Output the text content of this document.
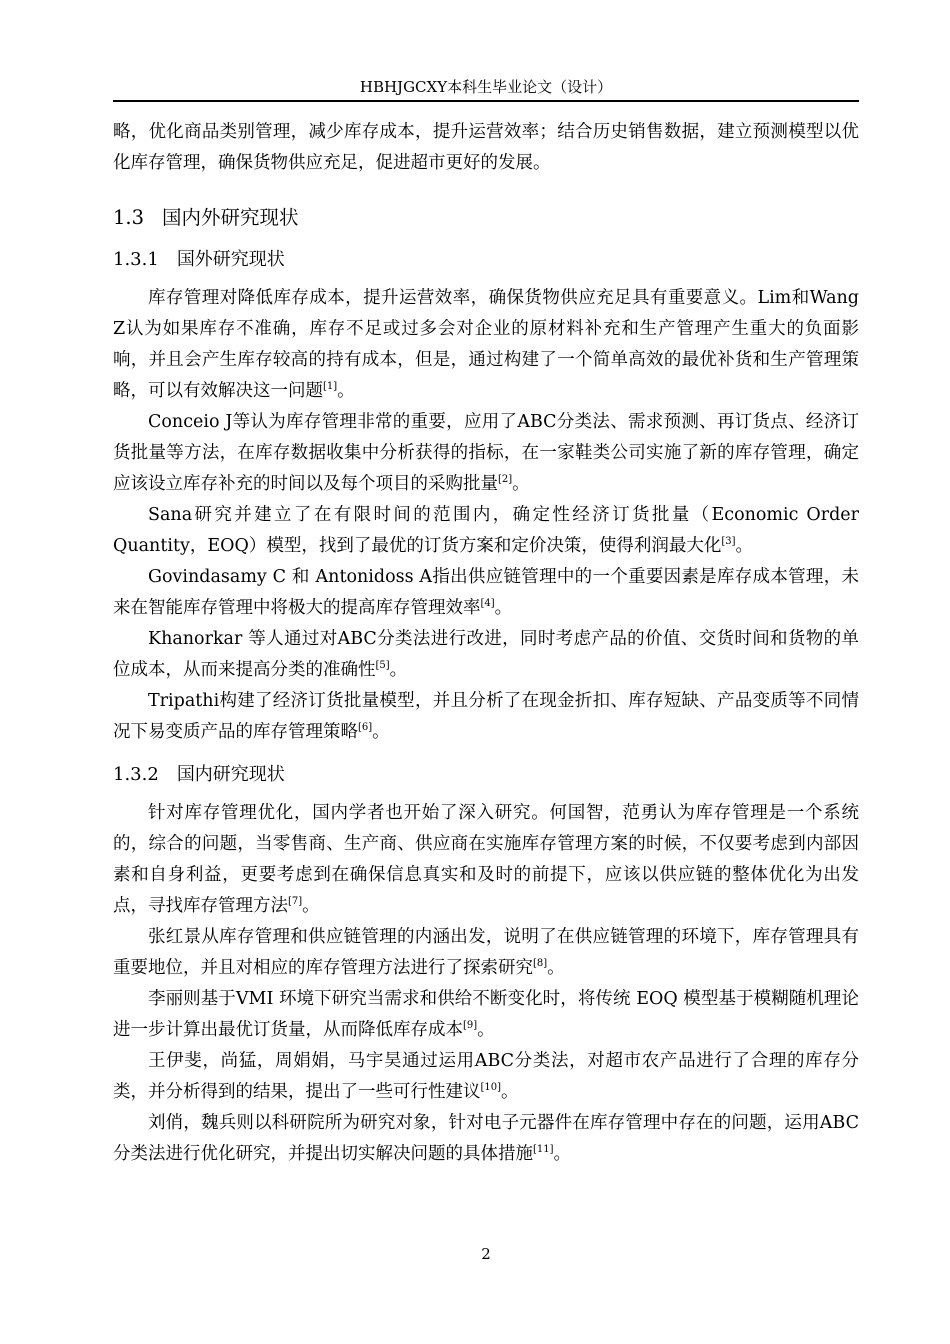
HBHJGCXY本科生毕业论文（设计）

略，优化商品类别管理，减少库存成本，提升运营效率；结合历史销售数据，建立预测模型以优化库存管理，确保货物供应充足，促进超市更好的发展。

1.3 国内外研究现状
1.3.1 国外研究现状

库存管理对降低库存成本，提升运营效率，确保货物供应充足具有重要意义。Lim和Wang Z认为如果库存不准确，库存不足或过多会对企业的原材料补充和生产管理产生重大的负面影响，并且会产生库存较高的持有成本，但是，通过构建了一个简单高效的最优补货和生产管理策略，可以有效解决这一问题[1]。

Conceio J等认为库存管理非常的重要，应用了ABC分类法、需求预测、再订货点、经济订货批量等方法，在库存数据收集中分析获得的指标，在一家鞋类公司实施了新的库存管理，确定应该设立库存补充的时间以及每个项目的采购批量[2]。

Sana研究并建立了在有限时间的范围内，确定性经济订货批量（Economic Order Quantity，EOQ）模型，找到了最优的订货方案和定价决策，使得利润最大化[3]。

Govindasamy C 和 Antonidoss A指出供应链管理中的一个重要因素是库存成本管理，未来在智能库存管理中将极大的提高库存管理效率[4]。

Khanorkar 等人通过对ABC分类法进行改进，同时考虑产品的价值、交货时间和货物的单位成本，从而来提高分类的准确性[5]。

Tripathi构建了经济订货批量模型，并且分析了在现金折扣、库存短缺、产品变质等不同情况下易变质产品的库存管理策略[6]。

1.3.2 国内研究现状

针对库存管理优化，国内学者也开始了深入研究。何国智，范勇认为库存管理是一个系统的，综合的问题，当零售商、生产商、供应商在实施库存管理方案的时候，不仅要考虑到内部因素和自身利益，更要考虑到在确保信息真实和及时的前提下，应该以供应链的整体优化为出发点，寻找库存管理方法[7]。

张红景从库存管理和供应链管理的内涵出发，说明了在供应链管理的环境下，库存管理具有重要地位，并且对相应的库存管理方法进行了探索研究[8]。

李丽则基于VMI 环境下研究当需求和供给不断变化时，将传统 EOQ 模型基于模糊随机理论进一步计算出最优订货量，从而降低库存成本[9]。

王伊斐，尚猛，周娟娟，马宇昊通过运用ABC分类法，对超市农产品进行了合理的库存分类，并分析得到的结果，提出了一些可行性建议[10]。

刘俏，魏兵则以科研院所为研究对象，针对电子元器件在库存管理中存在的问题，运用ABC分类法进行优化研究，并提出切实解决问题的具体措施[11]。

2
